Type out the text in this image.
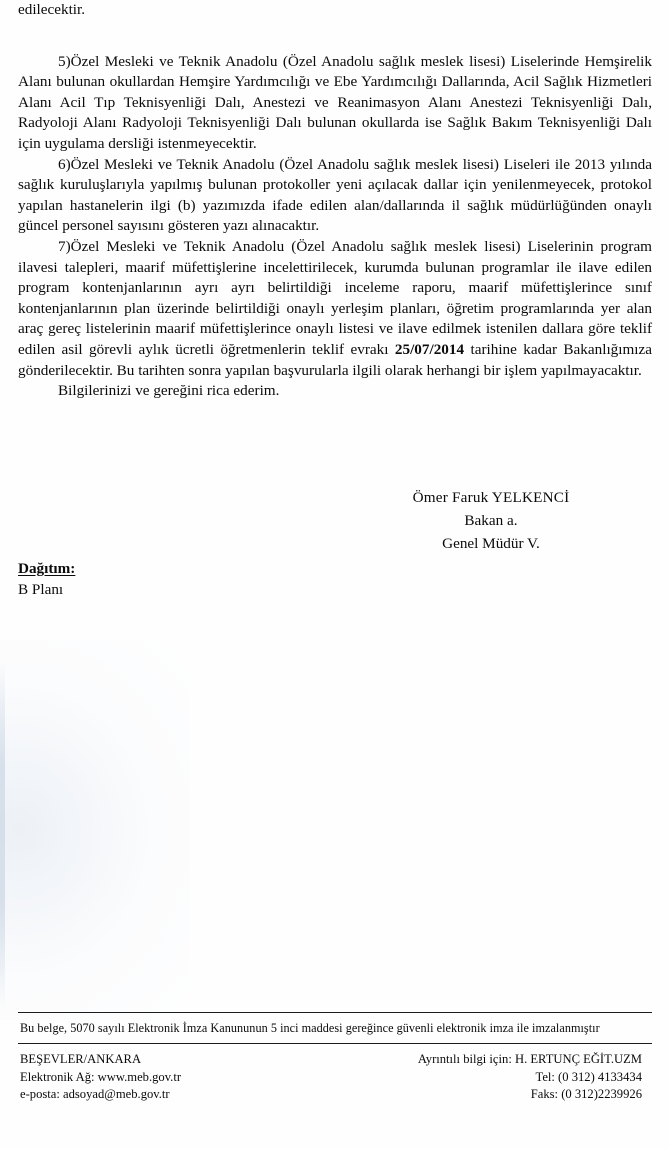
edilecektir.

5)Özel Mesleki ve Teknik Anadolu (Özel Anadolu sağlık meslek lisesi) Liselerinde Hemşirelik Alanı bulunan okullardan Hemşire Yardımcılığı ve Ebe Yardımcılığı Dallarında, Acil Sağlık Hizmetleri Alanı Acil Tıp Teknisyenliği Dalı, Anestezi ve Reanimasyon Alanı Anestezi Teknisyenliği Dalı, Radyoloji Alanı Radyoloji Teknisyenliği Dalı bulunan okullarda ise Sağlık Bakım Teknisyenliği Dalı için uygulama dersliği istenmeyecektir.

6)Özel Mesleki ve Teknik Anadolu (Özel Anadolu sağlık meslek lisesi) Liseleri ile 2013 yılında sağlık kuruluşlarıyla yapılmış bulunan protokoller yeni açılacak dallar için yenilenmeyecek, protokol yapılan hastanelerin ilgi (b) yazımızda ifade edilen alan/dallarında il sağlık müdürlüğünden onaylı güncel personel sayısını gösteren yazı alınacaktır.

7)Özel Mesleki ve Teknik Anadolu (Özel Anadolu sağlık meslek lisesi) Liselerinin program ilavesi talepleri, maarif müfettişlerine incelettirilecek, kurumda bulunan programlar ile ilave edilen program kontenjanlarının ayrı ayrı belirtildiği inceleme raporu, maarif müfettişlerince sınıf kontenjanlarının plan üzerinde belirtildiği onaylı yerleşim planları, öğretim programlarında yer alan araç gereç listelerinin maarif müfettişlerince onaylı listesi ve ilave edilmek istenilen dallara göre teklif edilen asil görevli aylık ücretli öğretmenlerin teklif evrakı 25/07/2014 tarihine kadar Bakanlığımıza gönderilecektir. Bu tarihten sonra yapılan başvurularla ilgili olarak herhangi bir işlem yapılmayacaktır.

Bilgilerinizi ve gereğini rica ederim.

Ömer Faruk YELKENCİ
Bakan a.
Genel Müdür V.
Dağıtım:
B Planı
Bu belge, 5070 sayılı Elektronik İmza Kanununun 5 inci maddesi gereğince güvenli elektronik imza ile imzalanmıştır
BEŞEVLER/ANKARA
Elektronik Ağ: www.meb.gov.tr
e-posta: adsoyad@meb.gov.tr
Ayrıntılı bilgi için: H. ERTUNÇ EĞİT.UZM
Tel: (0 312) 4133434
Faks: (0 312)2239926
